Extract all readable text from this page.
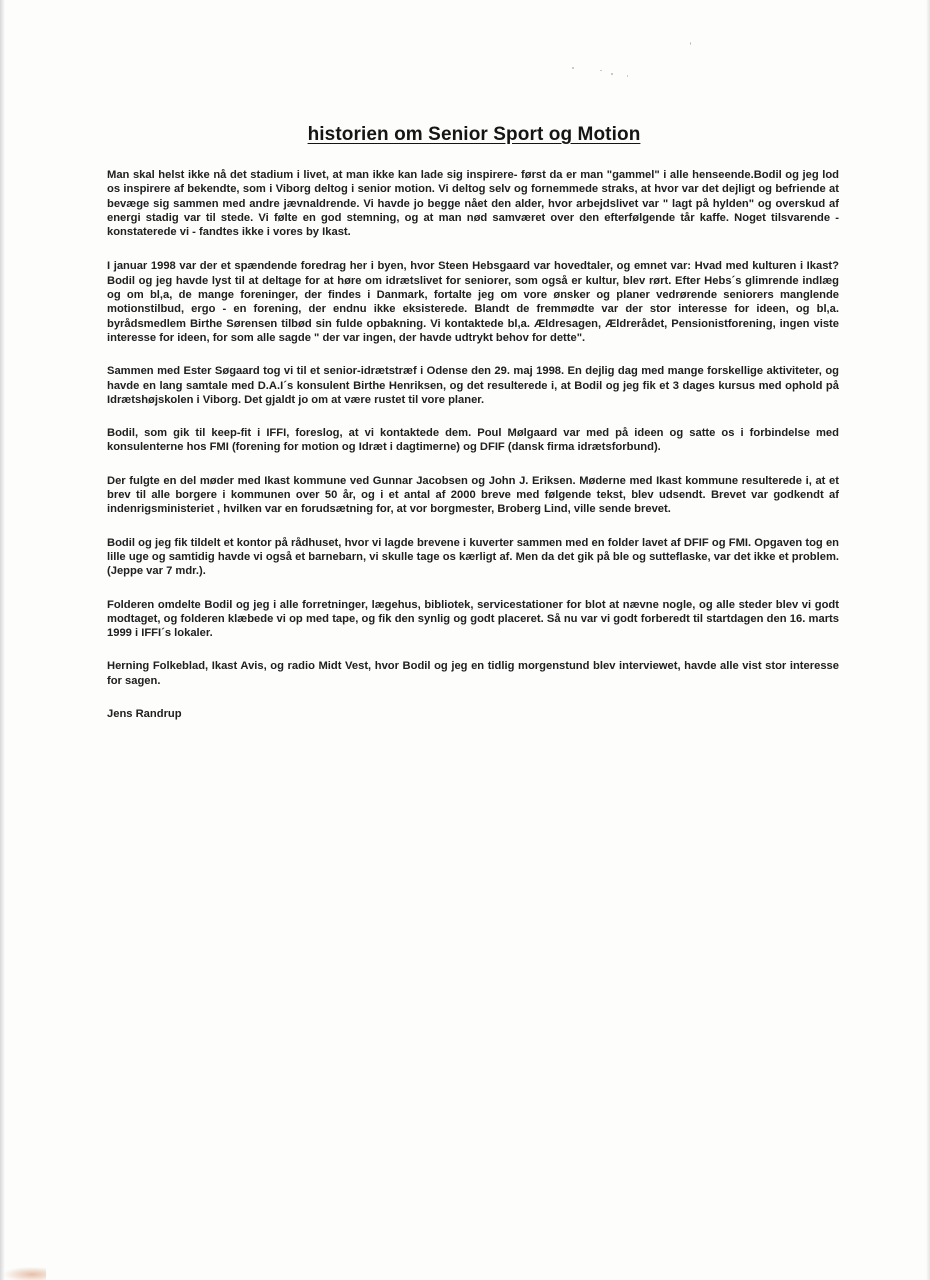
historien om Senior Sport og Motion

Man skal helst ikke nå det stadium i livet, at man ikke kan lade sig inspirere- først da er man "gammel" i alle henseende.Bodil og jeg lod os inspirere af bekendte, som i Viborg deltog i senior motion. Vi deltog selv og fornemmede straks, at hvor var det dejligt og befriende at bevæge sig sammen med andre jævnaldrende. Vi havde jo begge nået den alder, hvor arbejdslivet var " lagt på hylden" og overskud af energi stadig var til stede. Vi følte en god stemning, og at man nød samværet over den efterfølgende tår kaffe. Noget tilsvarende - konstaterede vi - fandtes ikke i vores by Ikast.

I januar 1998 var der et spændende foredrag her i byen, hvor Steen Hebsgaard var hovedtaler, og emnet var: Hvad med kulturen i Ikast? Bodil og jeg havde lyst til at deltage for at høre om idrætslivet for seniorer, som også er kultur, blev rørt. Efter Hebs´s glimrende indlæg og om bl,a, de mange foreninger, der findes i Danmark, fortalte jeg om vore ønsker og planer vedrørende seniorers manglende motionstilbud, ergo - en forening, der endnu ikke eksisterede. Blandt de fremmødte var der stor interesse for ideen, og bl,a. byrådsmedlem Birthe Sørensen tilbød sin fulde opbakning. Vi kontaktede bl,a. Ældresagen, Ældrerådet, Pensionistforening, ingen viste interesse for ideen, for som alle sagde " der var ingen, der havde udtrykt behov for dette".

Sammen med Ester Søgaard tog vi til et senior-idrætstræf i Odense den 29. maj 1998. En dejlig dag med mange forskellige aktiviteter, og havde en lang samtale med D.A.I´s konsulent Birthe Henriksen, og det resulterede i, at Bodil og jeg fik et 3 dages kursus med ophold på Idrætshøjskolen i Viborg. Det gjaldt jo om at være rustet til vore planer.

Bodil, som gik til keep-fit i IFFI, foreslog, at vi kontaktede dem. Poul Mølgaard var med på ideen og satte os i forbindelse med konsulenterne hos FMI (forening for motion og Idræt i dagtimerne) og DFIF (dansk firma idrætsforbund).

Der fulgte en del møder med Ikast kommune ved Gunnar Jacobsen og John J. Eriksen. Møderne med Ikast kommune resulterede i, at et brev til alle borgere i kommunen over 50 år, og i et antal af 2000 breve med følgende tekst, blev udsendt. Brevet var godkendt af indenrigsministeriet , hvilken var en forudsætning for, at vor borgmester, Broberg Lind, ville sende brevet.

Bodil og jeg fik tildelt et kontor på rådhuset, hvor vi lagde brevene i kuverter sammen med en folder lavet af DFIF og FMI. Opgaven tog en lille uge og samtidig havde vi også et barnebarn, vi skulle tage os kærligt af. Men da det gik på ble og sutteflaske, var det ikke et problem. (Jeppe var 7 mdr.).

Folderen omdelte Bodil og jeg i alle forretninger, lægehus, bibliotek, servicestationer for blot at nævne nogle, og alle steder blev vi godt modtaget, og folderen klæbede vi op med tape, og fik den synlig og godt placeret. Så nu var vi godt forberedt til startdagen den 16. marts 1999 i IFFI´s lokaler.

Herning Folkeblad, Ikast Avis, og radio Midt Vest, hvor Bodil og jeg en tidlig morgenstund blev interviewet, havde alle vist stor interesse for sagen.

Jens Randrup
